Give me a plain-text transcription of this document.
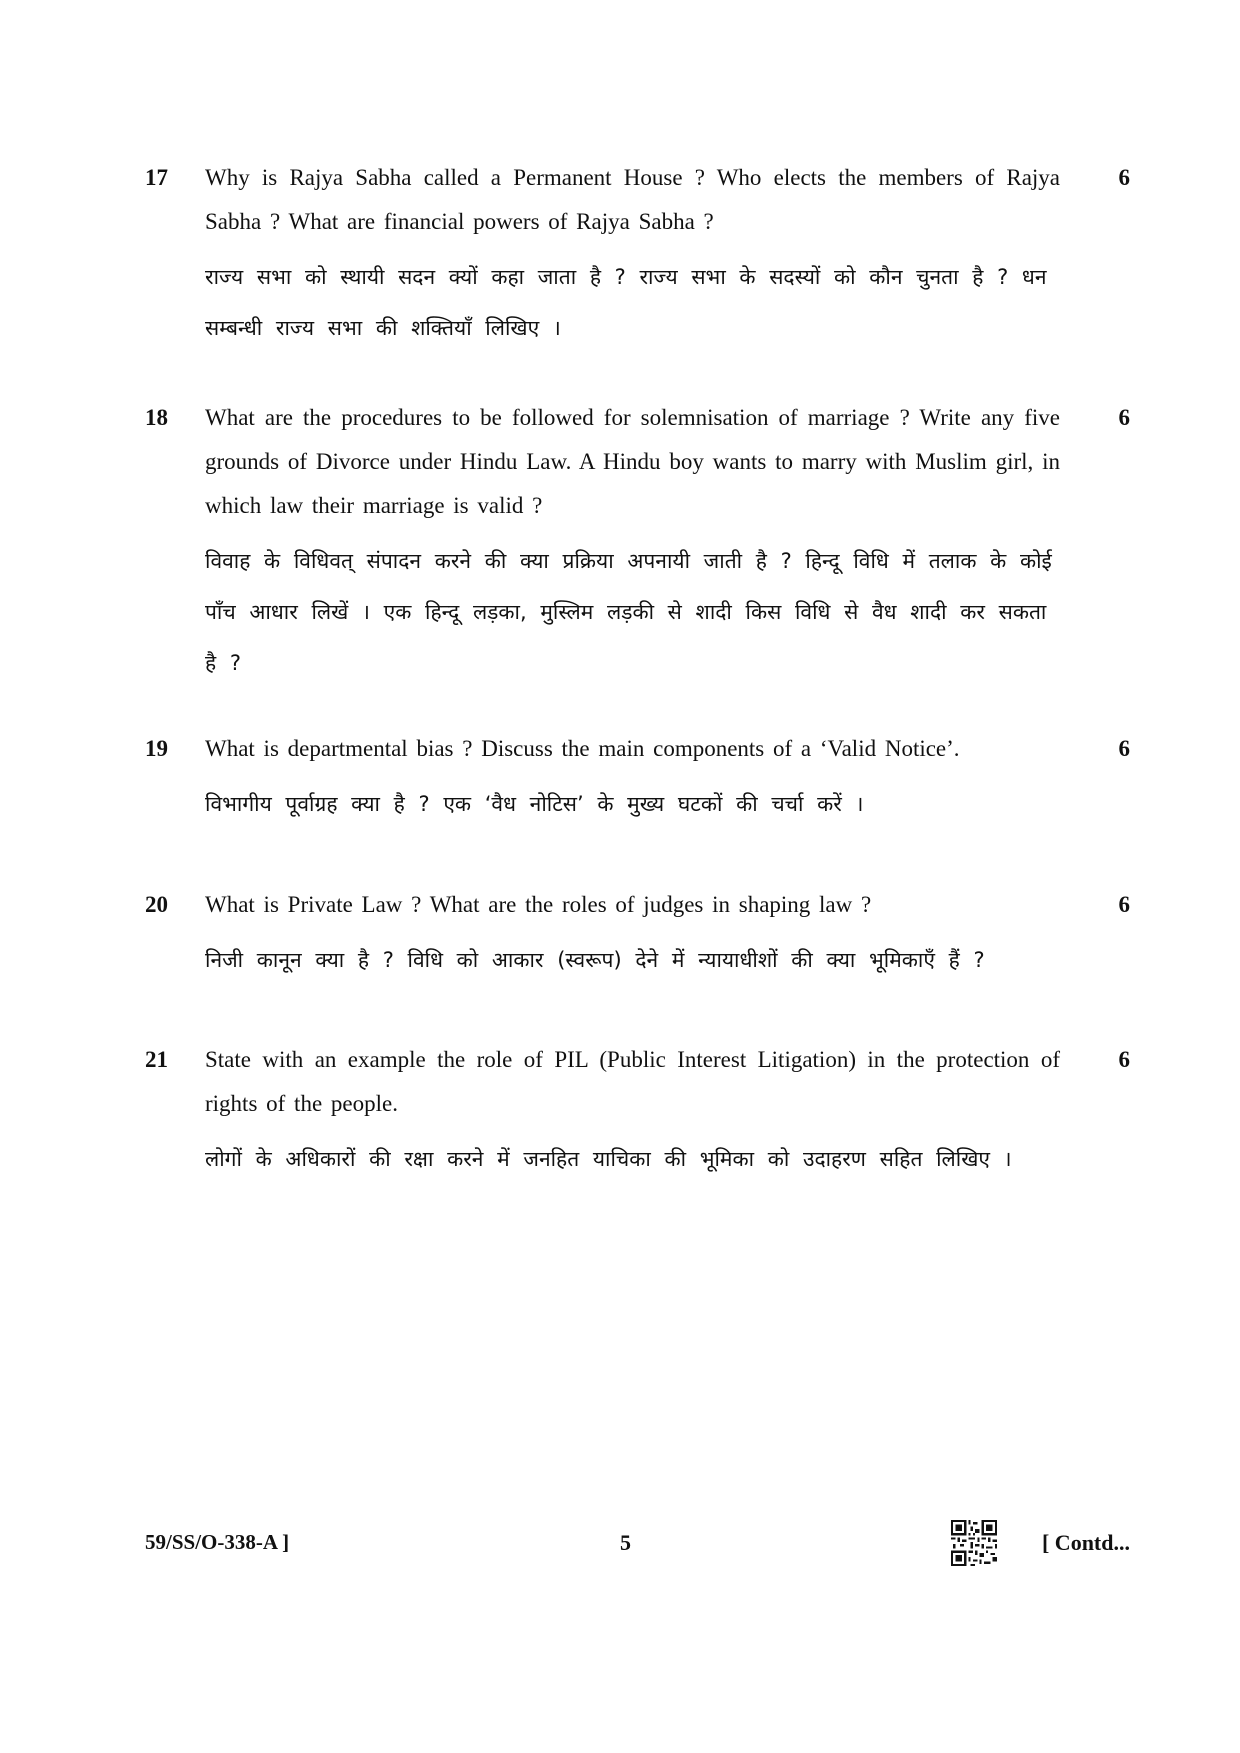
17	6
Why is Rajya Sabha called a Permanent House ? Who elects the members of Rajya Sabha ? What are financial powers of Rajya Sabha ?
राज्य सभा को स्थायी सदन क्यों कहा जाता है ? राज्य सभा के सदस्यों को कौन चुनता है ? धन सम्बन्धी राज्य सभा की शक्तियाँ लिखिए ।
18	6
What are the procedures to be followed for solemnisation of marriage ? Write any five grounds of Divorce under Hindu Law. A Hindu boy wants to marry with Muslim girl, in which law their marriage is valid ?
विवाह के विधिवत् संपादन करने की क्या प्रक्रिया अपनायी जाती है ? हिन्दू विधि में तलाक के कोई पाँच आधार लिखें । एक हिन्दू लड़का, मुस्लिम लड़की से शादी किस विधि से वैध शादी कर सकता है ?
19	6
What is departmental bias ? Discuss the main components of a ‘Valid Notice’.
विभागीय पूर्वाग्रह क्या है ? एक ‘वैध नोटिस’ के मुख्य घटकों की चर्चा करें ।
20	6
What is Private Law ? What are the roles of judges in shaping law ?
निजी कानून क्या है ? विधि को आकार (स्वरूप) देने में न्यायाधीशों की क्या भूमिकाएँ हैं ?
21	6
State with an example the role of PIL (Public Interest Litigation) in the protection of rights of the people.
लोगों के अधिकारों की रक्षा करने में जनहित याचिका की भूमिका को उदाहरण सहित लिखिए ।
59/SS/O-338-A ]	5	[ Contd...
